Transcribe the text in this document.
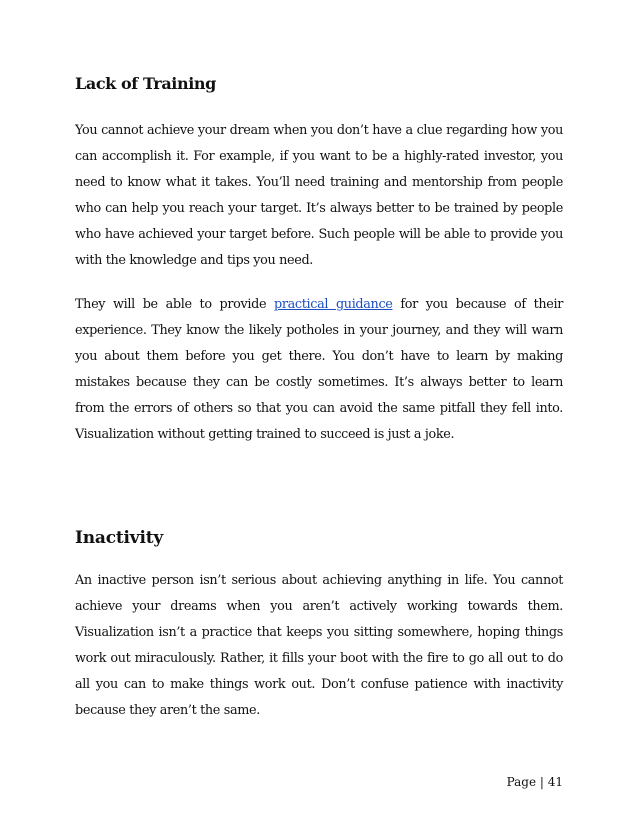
Lack of Training

You cannot achieve your dream when you don’t have a clue regarding how you can accomplish it. For example, if you want to be a highly-rated investor, you need to know what it takes. You’ll need training and mentorship from people who can help you reach your target. It’s always better to be trained by people who have achieved your target before. Such people will be able to provide you with the knowledge and tips you need.

They will be able to provide practical guidance for you because of their experience. They know the likely potholes in your journey, and they will warn you about them before you get there. You don’t have to learn by making mistakes because they can be costly sometimes. It’s always better to learn from the errors of others so that you can avoid the same pitfall they fell into. Visualization without getting trained to succeed is just a joke.

Inactivity

An inactive person isn’t serious about achieving anything in life. You cannot achieve your dreams when you aren’t actively working towards them. Visualization isn’t a practice that keeps you sitting somewhere, hoping things work out miraculously. Rather, it fills your boot with the fire to go all out to do all you can to make things work out. Don’t confuse patience with inactivity because they aren’t the same.

Page | 41
